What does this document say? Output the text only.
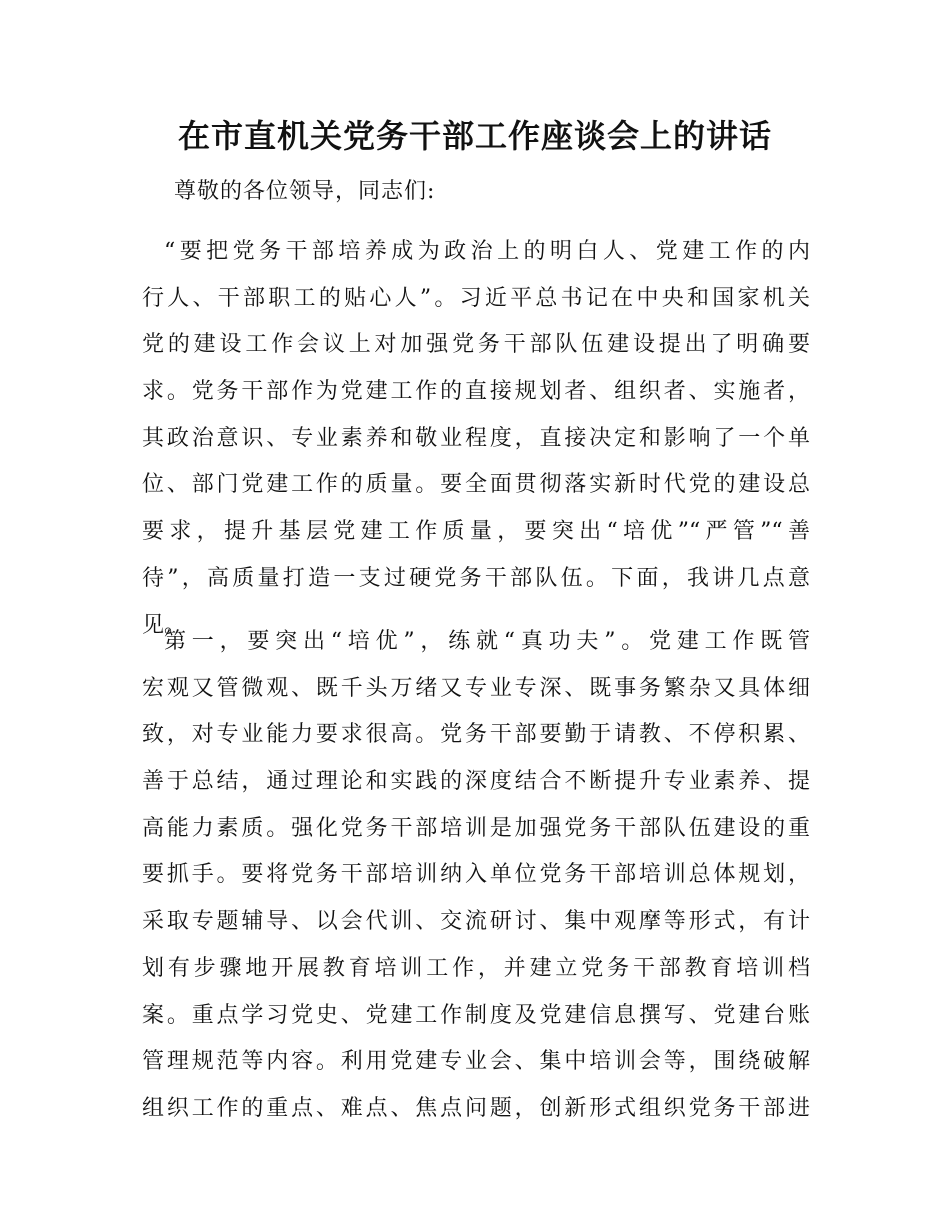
在市直机关党务干部工作座谈会上的讲话
尊敬的各位领导，同志们:
“要把党务干部培养成为政治上的明白人、党建工作的内
行人、干部职工的贴心人”。习近平总书记在中央和国家机关
党的建设工作会议上对加强党务干部队伍建设提出了明确要
求。党务干部作为党建工作的直接规划者、组织者、实施者，
其政治意识、专业素养和敬业程度，直接决定和影响了一个单
位、部门党建工作的质量。要全面贯彻落实新时代党的建设总
要求，提升基层党建工作质量，要突出“培优”“严管”“善
待”，高质量打造一支过硬党务干部队伍。下面，我讲几点意
见。
第一，要突出“培优”，练就“真功夫”。党建工作既管
宏观又管微观、既千头万绪又专业专深、既事务繁杂又具体细
致，对专业能力要求很高。党务干部要勤于请教、不停积累、
善于总结，通过理论和实践的深度结合不断提升专业素养、提
高能力素质。强化党务干部培训是加强党务干部队伍建设的重
要抓手。要将党务干部培训纳入单位党务干部培训总体规划，
采取专题辅导、以会代训、交流研讨、集中观摩等形式，有计
划有步骤地开展教育培训工作，并建立党务干部教育培训档
案。重点学习党史、党建工作制度及党建信息撰写、党建台账
管理规范等内容。利用党建专业会、集中培训会等，围绕破解
组织工作的重点、难点、焦点问题，创新形式组织党务干部进
